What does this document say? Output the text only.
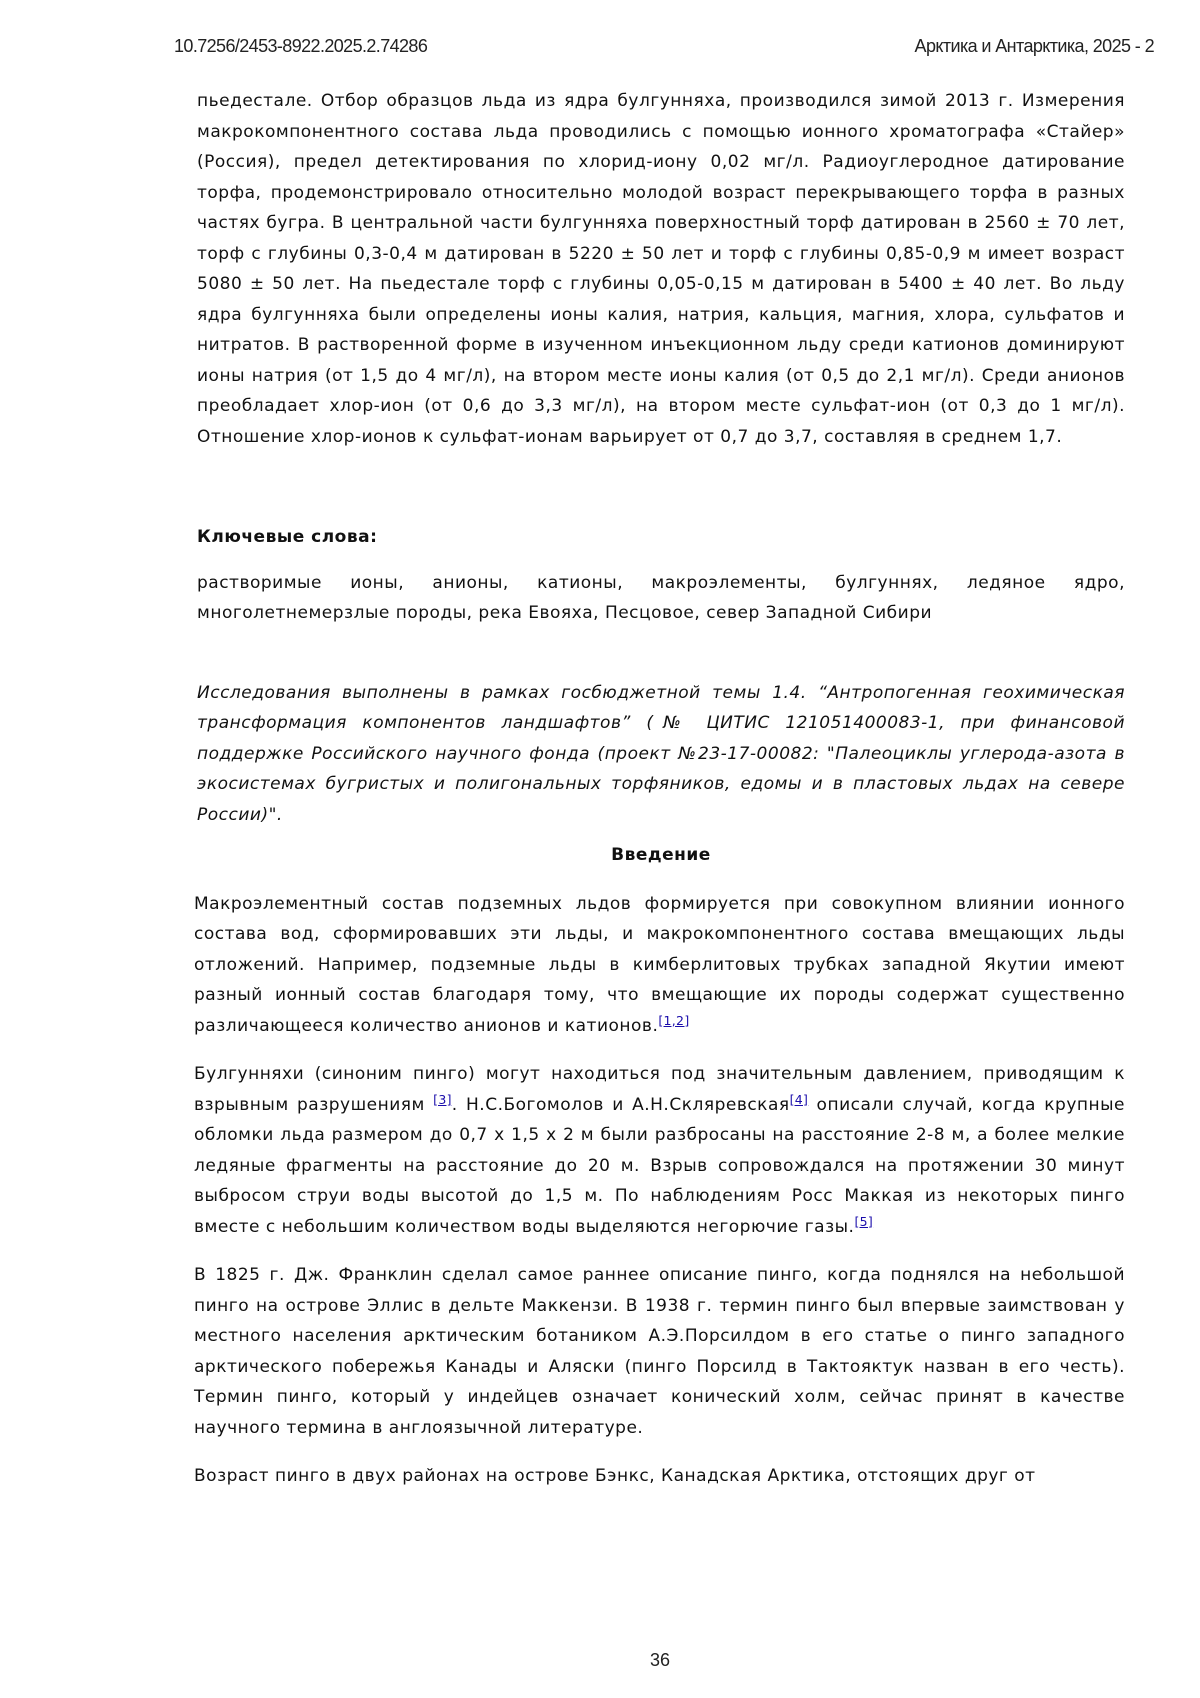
10.7256/2453-8922.2025.2.74286	Арктика и Антарктика, 2025 - 2

пьедестале. Отбор образцов льда из ядра булгунняха, производился зимой 2013 г. Измерения макрокомпонентного состава льда проводились с помощью ионного хроматографа «Стайер» (Россия), предел детектирования по хлорид-иону 0,02 мг/л. Радиоуглеродное датирование торфа, продемонстрировало относительно молодой возраст перекрывающего торфа в разных частях бугра. В центральной части булгунняха поверхностный торф датирован в 2560 ± 70 лет, торф с глубины 0,3-0,4 м датирован в 5220 ± 50 лет и торф с глубины 0,85-0,9 м имеет возраст 5080 ± 50 лет. На пьедестале торф с глубины 0,05-0,15 м датирован в 5400 ± 40 лет. Во льду ядра булгунняха были определены ионы калия, натрия, кальция, магния, хлора, сульфатов и нитратов. В растворенной форме в изученном инъекционном льду среди катионов доминируют ионы натрия (от 1,5 до 4 мг/л), на втором месте ионы калия (от 0,5 до 2,1 мг/л). Среди анионов преобладает хлор-ион (от 0,6 до 3,3 мг/л), на втором месте сульфат-ион (от 0,3 до 1 мг/л). Отношение хлор-ионов к сульфат-ионам варьирует от 0,7 до 3,7, составляя в среднем 1,7.

Ключевые слова:

растворимые ионы, анионы, катионы, макроэлементы, булгуннях, ледяное ядро, многолетнемерзлые породы, река Евояха, Песцовое, север Западной Сибири

Исследования выполнены в рамках госбюджетной темы 1.4. “Антропогенная геохимическая трансформация компонентов ландшафтов” (№ ЦИТИС 121051400083-1, при финансовой поддержке Российского научного фонда (проект №23-17-00082: "Палеоциклы углерода-азота в экосистемах бугристых и полигональных торфяников, едомы и в пластовых льдах на севере России)".

Введение

Макроэлементный состав подземных льдов формируется при совокупном влиянии ионного состава вод, сформировавших эти льды, и макрокомпонентного состава вмещающих льды отложений. Например, подземные льды в кимберлитовых трубках западной Якутии имеют разный ионный состав благодаря тому, что вмещающие их породы содержат существенно различающееся количество анионов и катионов.[1,2]

Булгунняхи (синоним пинго) могут находиться под значительным давлением, приводящим к взрывным разрушениям [3]. Н.С.Богомолов и А.Н.Скляревская[4] описали случай, когда крупные обломки льда размером до 0,7 х 1,5 х 2 м были разбросаны на расстояние 2-8 м, а более мелкие ледяные фрагменты на расстояние до 20 м. Взрыв сопровождался на протяжении 30 минут выбросом струи воды высотой до 1,5 м. По наблюдениям Росс Маккая из некоторых пинго вместе с небольшим количеством воды выделяются негорючие газы.[5]

В 1825 г. Дж. Франклин сделал самое раннее описание пинго, когда поднялся на небольшой пинго на острове Эллис в дельте Маккензи. В 1938 г. термин пинго был впервые заимствован у местного населения арктическим ботаником А.Э.Порсилдом в его статье о пинго западного арктического побережья Канады и Аляски (пинго Порсилд в Тактояктук назван в его честь). Термин пинго, который у индейцев означает конический холм, сейчас принят в качестве научного термина в англоязычной литературе.

Возраст пинго в двух районах на острове Бэнкс, Канадская Арктика, отстоящих друг от

36
